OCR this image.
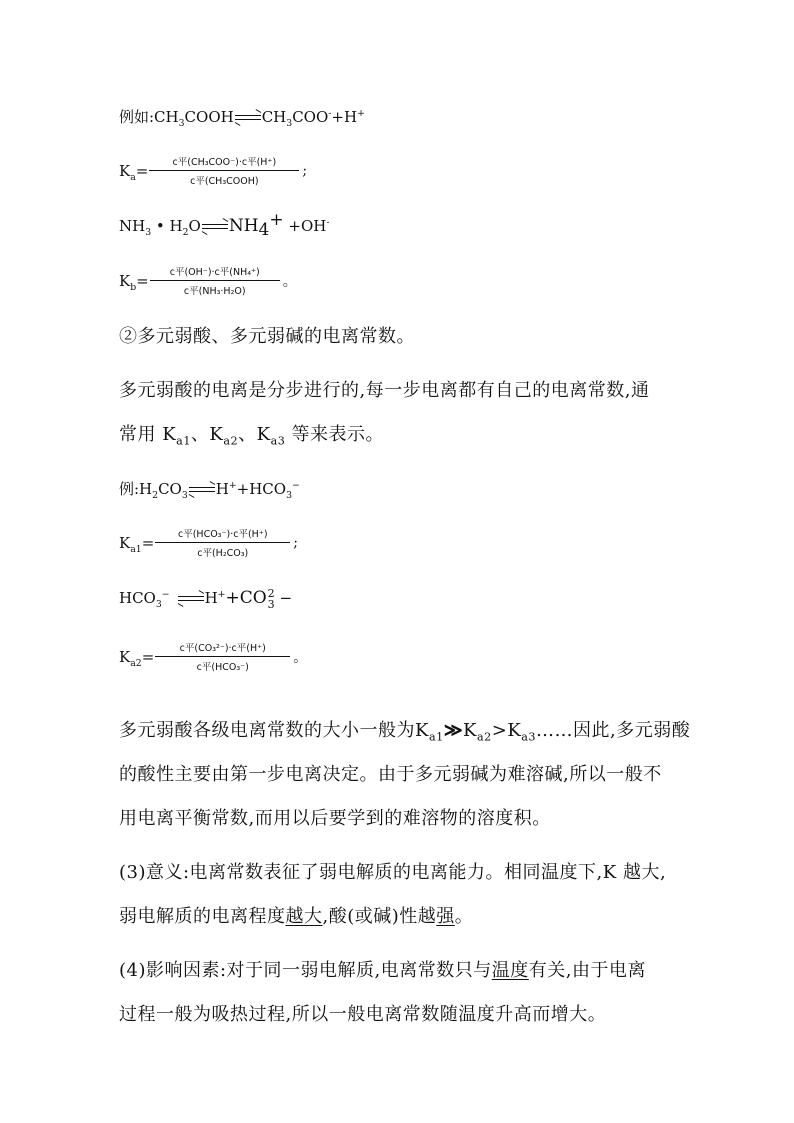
例如$:CH_3COOH$ $CH_3COO^-+H^+$
$K_a= \frac{\text{c平(CH₃COO⁻)·c平(H⁺)}}{\text{c平(CH₃COOH)}}$ ;
$NH_3$ • $H_2O$ $NH_4^+ +OH^-$
$K_b= \frac{\text{c平(OH⁻)·c平(NH₄⁺)}}{\text{c平(NH₃·H₂O)}}$ 。
②多元弱酸、多元弱碱的电离常数。
多元弱酸的电离是分步进行的,每一步电离都有自己的电离常数,通
常用 $K_{a1}$、$K_{a2}$、$K_{a3}$ 等来表示。
例$:H_2CO_3$ $H^++HCO_3^-$
$K_{a1}= \frac{\text{c平(HCO₃⁻)·c平(H⁺)}}{\text{c平(H₂CO₃)}}$ ;
$HCO_3^-$ H++CO 2
3 −
$K_{a2}= \frac{\text{c平(CO₃²⁻)·c平(H⁺)}}{\text{c平(HCO₃⁻)}}$ 。
多元弱酸各级电离常数的大小一般为$K_{a1}≫K_{a2}>K_{a3}\dots\dots$因此,多元弱酸
的酸性主要由第一步电离决定。由于多元弱碱为难溶碱,所以一般不
用电离平衡常数,而用以后要学到的难溶物的溶度积。
(3)意义:电离常数表征了弱电解质的电离能力。相同温度下,K 越大,
弱电解质的电离程度越大,酸(或碱)性越强。
(4)影响因素:对于同一弱电解质,电离常数只与温度有关,由于电离
过程一般为吸热过程,所以一般电离常数随温度升高而增大。
